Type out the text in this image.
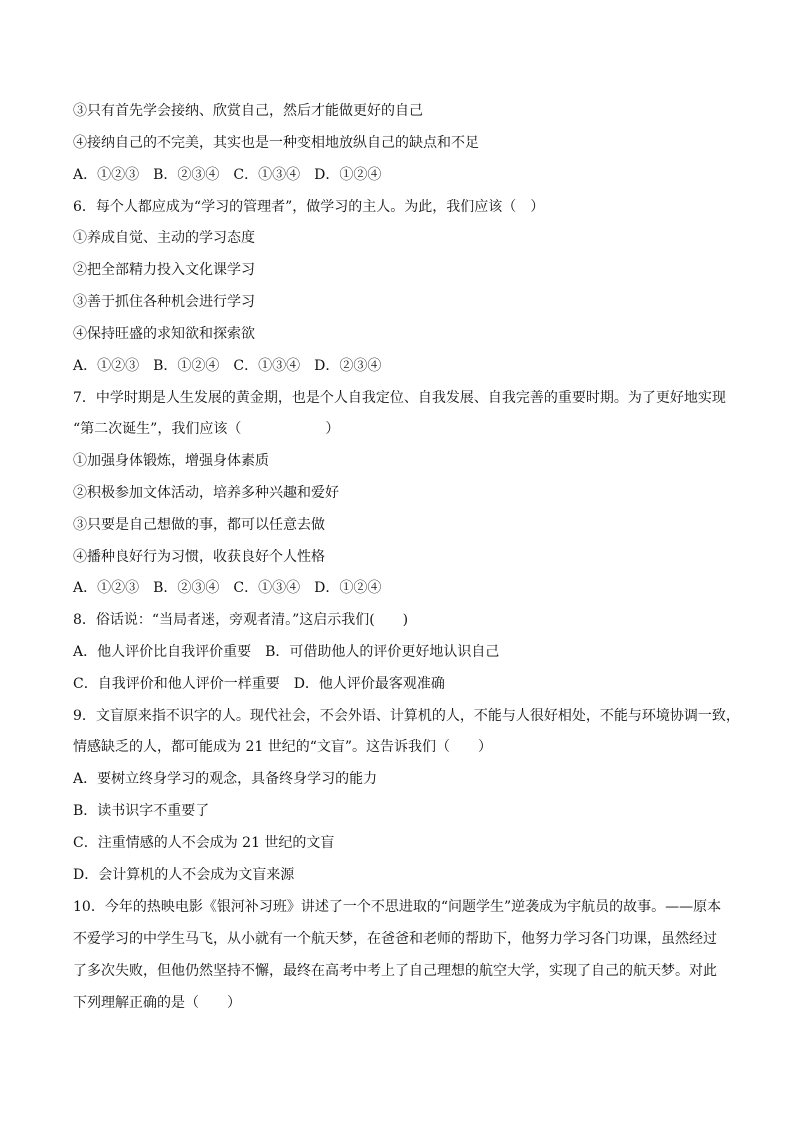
③只有首先学会接纳、欣赏自己，然后才能做更好的自己
④接纳自己的不完美，其实也是一种变相地放纵自己的缺点和不足
A．①②③　B．②③④　C．①③④　D．①②④
6．每个人都应成为“学习的管理者”，做学习的主人。为此，我们应该（　）
①养成自觉、主动的学习态度
②把全部精力投入文化课学习
③善于抓住各种机会进行学习
④保持旺盛的求知欲和探索欲
A．①②③　B．①②④　C．①③④　D．②③④
7．中学时期是人生发展的黄金期，也是个人自我定位、自我发展、自我完善的重要时期。为了更好地实现
“第二次诞生”，我们应该（　　　　　　）
①加强身体锻炼，增强身体素质
②积极参加文体活动，培养多种兴趣和爱好
③只要是自己想做的事，都可以任意去做
④播种良好行为习惯，收获良好个人性格
A．①②③　B．②③④　C．①③④　D．①②④
8．俗话说：“当局者迷，旁观者清。”这启示我们(　　)
A．他人评价比自我评价重要　B．可借助他人的评价更好地认识自己
C．自我评价和他人评价一样重要　D．他人评价最客观准确
9．文盲原来指不识字的人。现代社会，不会外语、计算机的人，不能与人很好相处，不能与环境协调一致，
情感缺乏的人，都可能成为 21 世纪的“文盲”。这告诉我们（　　）
A．要树立终身学习的观念，具备终身学习的能力
B．读书识字不重要了
C．注重情感的人不会成为 21 世纪的文盲
D．会计算机的人不会成为文盲来源
10．今年的热映电影《银河补习班》讲述了一个不思进取的“问题学生”逆袭成为宇航员的故事。——原本
不爱学习的中学生马飞，从小就有一个航天梦，在爸爸和老师的帮助下，他努力学习各门功课，虽然经过
了多次失败，但他仍然坚持不懈，最终在高考中考上了自己理想的航空大学，实现了自己的航天梦。对此
下列理解正确的是（　　）
